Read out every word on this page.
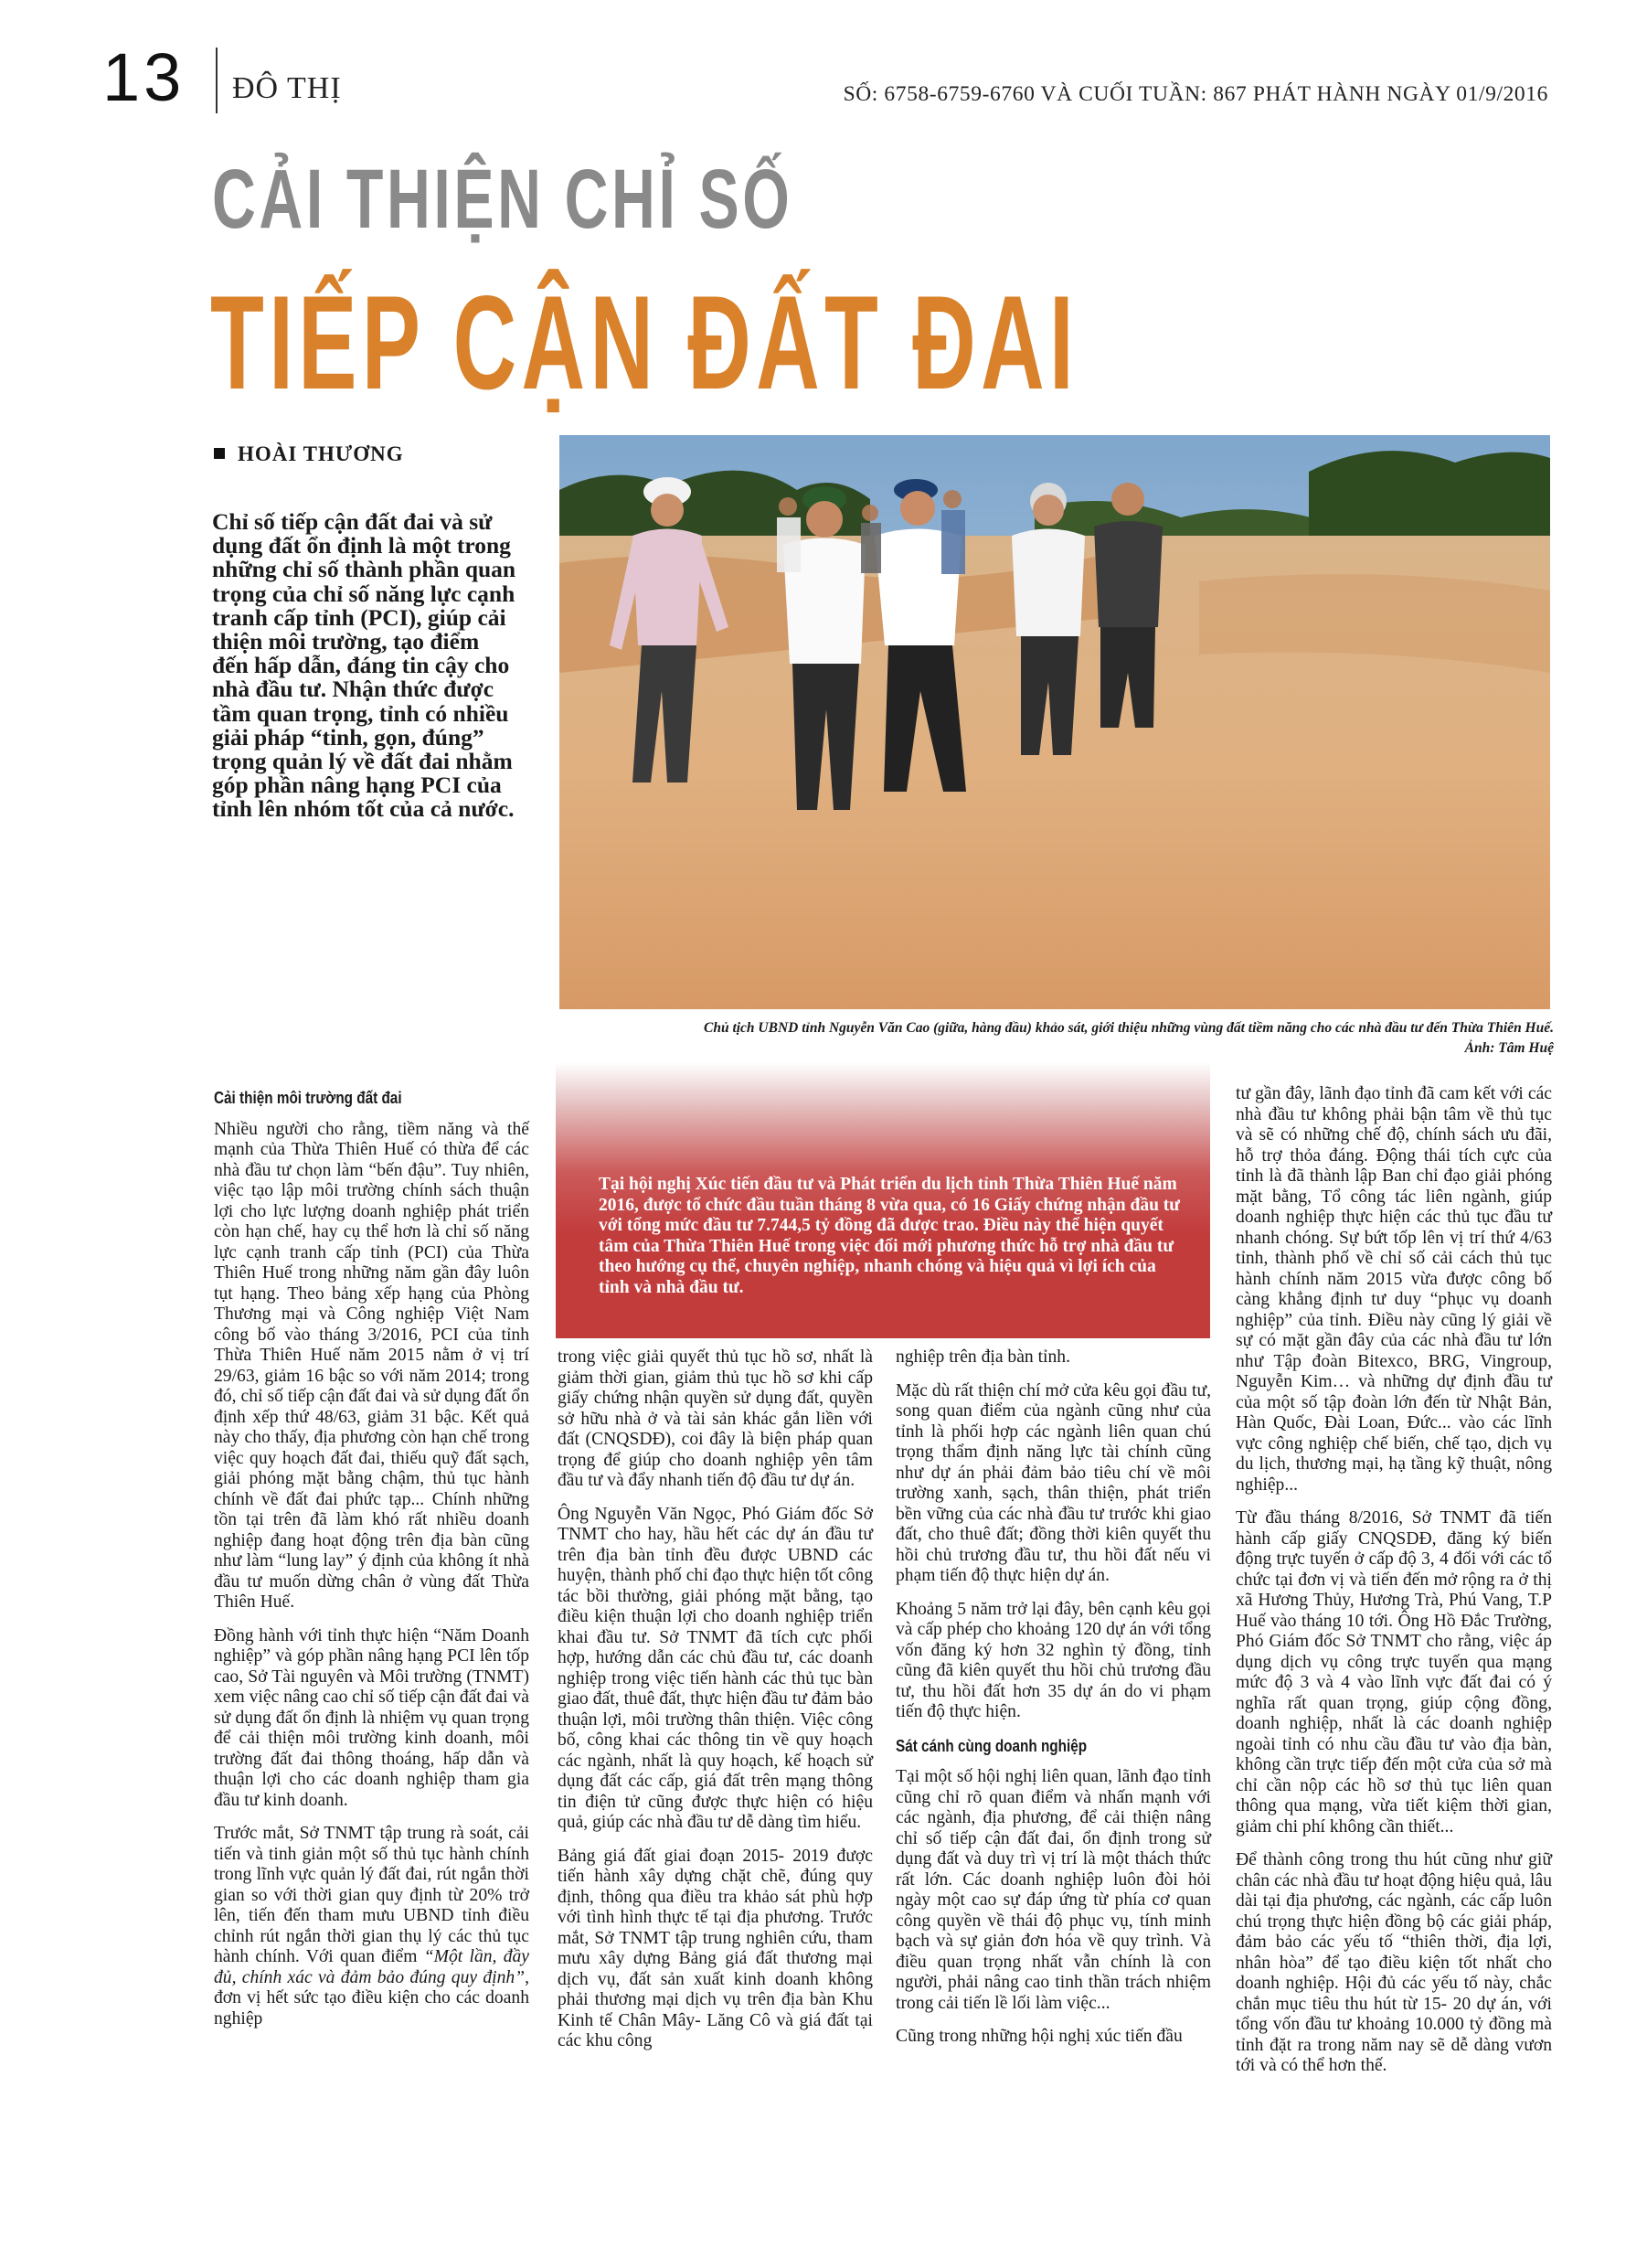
13 ĐÔ THỊ	SỐ: 6758-6759-6760 VÀ CUỐI TUẦN: 867 PHÁT HÀNH NGÀY 01/9/2016
CẢI THIỆN CHỈ SỐ
TIẾP CẬN ĐẤT ĐAI
HOÀI THƯƠNG
Chỉ số tiếp cận đất đai và sử dụng đất ổn định là một trong những chỉ số thành phần quan trọng của chỉ số năng lực cạnh tranh cấp tỉnh (PCI), giúp cải thiện môi trường, tạo điểm đến hấp dẫn, đáng tin cậy cho nhà đầu tư. Nhận thức được tầm quan trọng, tỉnh có nhiều giải pháp “tinh, gọn, đúng” trọng quản lý về đất đai nhằm góp phần nâng hạng PCI của tỉnh lên nhóm tốt của cả nước.
Chủ tịch UBND tỉnh Nguyễn Văn Cao (giữa, hàng đầu) khảo sát, giới thiệu những vùng đất tiềm năng cho các nhà đầu tư đến Thừa Thiên Huế.
Ảnh: Tâm Huệ
Tại hội nghị Xúc tiến đầu tư và Phát triển du lịch tỉnh Thừa Thiên Huế năm 2016, được tổ chức đầu tuần tháng 8 vừa qua, có 16 Giấy chứng nhận đầu tư với tổng mức đầu tư 7.744,5 tỷ đồng đã được trao. Điều này thể hiện quyết tâm của Thừa Thiên Huế trong việc đổi mới phương thức hỗ trợ nhà đầu tư theo hướng cụ thể, chuyên nghiệp, nhanh chóng và hiệu quả vì lợi ích của tỉnh và nhà đầu tư.
Cải thiện môi trường đất đai

Nhiều người cho rằng, tiềm năng và thế mạnh của Thừa Thiên Huế có thừa để các nhà đầu tư chọn làm “bến đậu”. Tuy nhiên, việc tạo lập môi trường chính sách thuận lợi cho lực lượng doanh nghiệp phát triển còn hạn chế, hay cụ thể hơn là chỉ số năng lực cạnh tranh cấp tỉnh (PCI) của Thừa Thiên Huế trong những năm gần đây luôn tụt hạng. Theo bảng xếp hạng của Phòng Thương mại và Công nghiệp Việt Nam công bố vào tháng 3/2016, PCI của tỉnh Thừa Thiên Huế năm 2015 nằm ở vị trí 29/63, giảm 16 bậc so với năm 2014; trong đó, chỉ số tiếp cận đất đai và sử dụng đất ổn định xếp thứ 48/63, giảm 31 bậc. Kết quả này cho thấy, địa phương còn hạn chế trong việc quy hoạch đất đai, thiếu quỹ đất sạch, giải phóng mặt bằng chậm, thủ tục hành chính về đất đai phức tạp... Chính những tồn tại trên đã làm khó rất nhiều doanh nghiệp đang hoạt động trên địa bàn cũng như làm “lung lay” ý định của không ít nhà đầu tư muốn dừng chân ở vùng đất Thừa Thiên Huế.

Đồng hành với tỉnh thực hiện “Năm Doanh nghiệp” và góp phần nâng hạng PCI lên tốp cao, Sở Tài nguyên và Môi trường (TNMT) xem việc nâng cao chỉ số tiếp cận đất đai và sử dụng đất ổn định là nhiệm vụ quan trọng để cải thiện môi trường kinh doanh, môi trường đất đai thông thoáng, hấp dẫn và thuận lợi cho các doanh nghiệp tham gia đầu tư kinh doanh.

Trước mắt, Sở TNMT tập trung rà soát, cải tiến và tinh giản một số thủ tục hành chính trong lĩnh vực quản lý đất đai, rút ngắn thời gian so với thời gian quy định từ 20% trở lên, tiến đến tham mưu UBND tỉnh điều chỉnh rút ngắn thời gian thụ lý các thủ tục hành chính. Với quan điểm “Một lần, đầy đủ, chính xác và đảm bảo đúng quy định”, đơn vị hết sức tạo điều kiện cho các doanh nghiệp

trong việc giải quyết thủ tục hồ sơ, nhất là giảm thời gian, giảm thủ tục hồ sơ khi cấp giấy chứng nhận quyền sử dụng đất, quyền sở hữu nhà ở và tài sản khác gắn liền với đất (CNQSDĐ), coi đây là biện pháp quan trọng để giúp cho doanh nghiệp yên tâm đầu tư và đẩy nhanh tiến độ đầu tư dự án.

Ông Nguyễn Văn Ngọc, Phó Giám đốc Sở TNMT cho hay, hầu hết các dự án đầu tư trên địa bàn tỉnh đều được UBND các huyện, thành phố chỉ đạo thực hiện tốt công tác bồi thường, giải phóng mặt bằng, tạo điều kiện thuận lợi cho doanh nghiệp triển khai đầu tư. Sở TNMT đã tích cực phối hợp, hướng dẫn các chủ đầu tư, các doanh nghiệp trong việc tiến hành các thủ tục bàn giao đất, thuê đất, thực hiện đầu tư đảm bảo thuận lợi, môi trường thân thiện. Việc công bố, công khai các thông tin về quy hoạch các ngành, nhất là quy hoạch, kế hoạch sử dụng đất các cấp, giá đất trên mạng thông tin điện tử cũng được thực hiện có hiệu quả, giúp các nhà đầu tư dễ dàng tìm hiểu.

Bảng giá đất giai đoạn 2015- 2019 được tiến hành xây dựng chặt chẽ, đúng quy định, thông qua điều tra khảo sát phù hợp với tình hình thực tế tại địa phương. Trước mắt, Sở TNMT tập trung nghiên cứu, tham mưu xây dựng Bảng giá đất thương mại dịch vụ, đất sản xuất kinh doanh không phải thương mại dịch vụ trên địa bàn Khu Kinh tế Chân Mây- Lăng Cô và giá đất tại các khu công

nghiệp trên địa bàn tỉnh.

Mặc dù rất thiện chí mở cửa kêu gọi đầu tư, song quan điểm của ngành cũng như của tỉnh là phối hợp các ngành liên quan chú trọng thẩm định năng lực tài chính cũng như dự án phải đảm bảo tiêu chí về môi trường xanh, sạch, thân thiện, phát triển bền vững của các nhà đầu tư trước khi giao đất, cho thuê đất; đồng thời kiên quyết thu hồi chủ trương đầu tư, thu hồi đất nếu vi phạm tiến độ thực hiện dự án.

Khoảng 5 năm trở lại đây, bên cạnh kêu gọi và cấp phép cho khoảng 120 dự án với tổng vốn đăng ký hơn 32 nghìn tỷ đồng, tỉnh cũng đã kiên quyết thu hồi chủ trương đầu tư, thu hồi đất hơn 35 dự án do vi phạm tiến độ thực hiện.

Sát cánh cùng doanh nghiệp

Tại một số hội nghị liên quan, lãnh đạo tỉnh cũng chỉ rõ quan điểm và nhấn mạnh với các ngành, địa phương, để cải thiện nâng chỉ số tiếp cận đất đai, ổn định trong sử dụng đất và duy trì vị trí là một thách thức rất lớn. Các doanh nghiệp luôn đòi hỏi ngày một cao sự đáp ứng từ phía cơ quan công quyền về thái độ phục vụ, tính minh bạch và sự giản đơn hóa về quy trình. Và điều quan trọng nhất vẫn chính là con người, phải nâng cao tinh thần trách nhiệm trong cải tiến lề lối làm việc...

Cũng trong những hội nghị xúc tiến đầu

tư gần đây, lãnh đạo tỉnh đã cam kết với các nhà đầu tư không phải bận tâm về thủ tục và sẽ có những chế độ, chính sách ưu đãi, hỗ trợ thỏa đáng. Động thái tích cực của tỉnh là đã thành lập Ban chỉ đạo giải phóng mặt bằng, Tổ công tác liên ngành, giúp doanh nghiệp thực hiện các thủ tục đầu tư nhanh chóng. Sự bứt tốp lên vị trí thứ 4/63 tỉnh, thành phố về chỉ số cải cách thủ tục hành chính năm 2015 vừa được công bố càng khẳng định tư duy “phục vụ doanh nghiệp” của tỉnh. Điều này cũng lý giải về sự có mặt gần đây của các nhà đầu tư lớn như Tập đoàn Bitexco, BRG, Vingroup, Nguyễn Kim… và những dự định đầu tư của một số tập đoàn lớn đến từ Nhật Bản, Hàn Quốc, Đài Loan, Đức... vào các lĩnh vực công nghiệp chế biến, chế tạo, dịch vụ du lịch, thương mại, hạ tầng kỹ thuật, nông nghiệp...

Từ đầu tháng 8/2016, Sở TNMT đã tiến hành cấp giấy CNQSDĐ, đăng ký biến động trực tuyến ở cấp độ 3, 4 đối với các tổ chức tại đơn vị và tiến đến mở rộng ra ở thị xã Hương Thủy, Hương Trà, Phú Vang, T.P Huế vào tháng 10 tới. Ông Hồ Đắc Trường, Phó Giám đốc Sở TNMT cho rằng, việc áp dụng dịch vụ công trực tuyến qua mạng mức độ 3 và 4 vào lĩnh vực đất đai có ý nghĩa rất quan trọng, giúp cộng đồng, doanh nghiệp, nhất là các doanh nghiệp ngoài tỉnh có nhu cầu đầu tư vào địa bàn, không cần trực tiếp đến một cửa của sở mà chỉ cần nộp các hồ sơ thủ tục liên quan thông qua mạng, vừa tiết kiệm thời gian, giảm chi phí không cần thiết...

Để thành công trong thu hút cũng như giữ chân các nhà đầu tư hoạt động hiệu quả, lâu dài tại địa phương, các ngành, các cấp luôn chú trọng thực hiện đồng bộ các giải pháp, đảm bảo các yếu tố “thiên thời, địa lợi, nhân hòa” để tạo điều kiện tốt nhất cho doanh nghiệp. Hội đủ các yếu tố này, chắc chắn mục tiêu thu hút từ 15- 20 dự án, với tổng vốn đầu tư khoảng 10.000 tỷ đồng mà tỉnh đặt ra trong năm nay sẽ dễ dàng vươn tới và có thể hơn thế.
